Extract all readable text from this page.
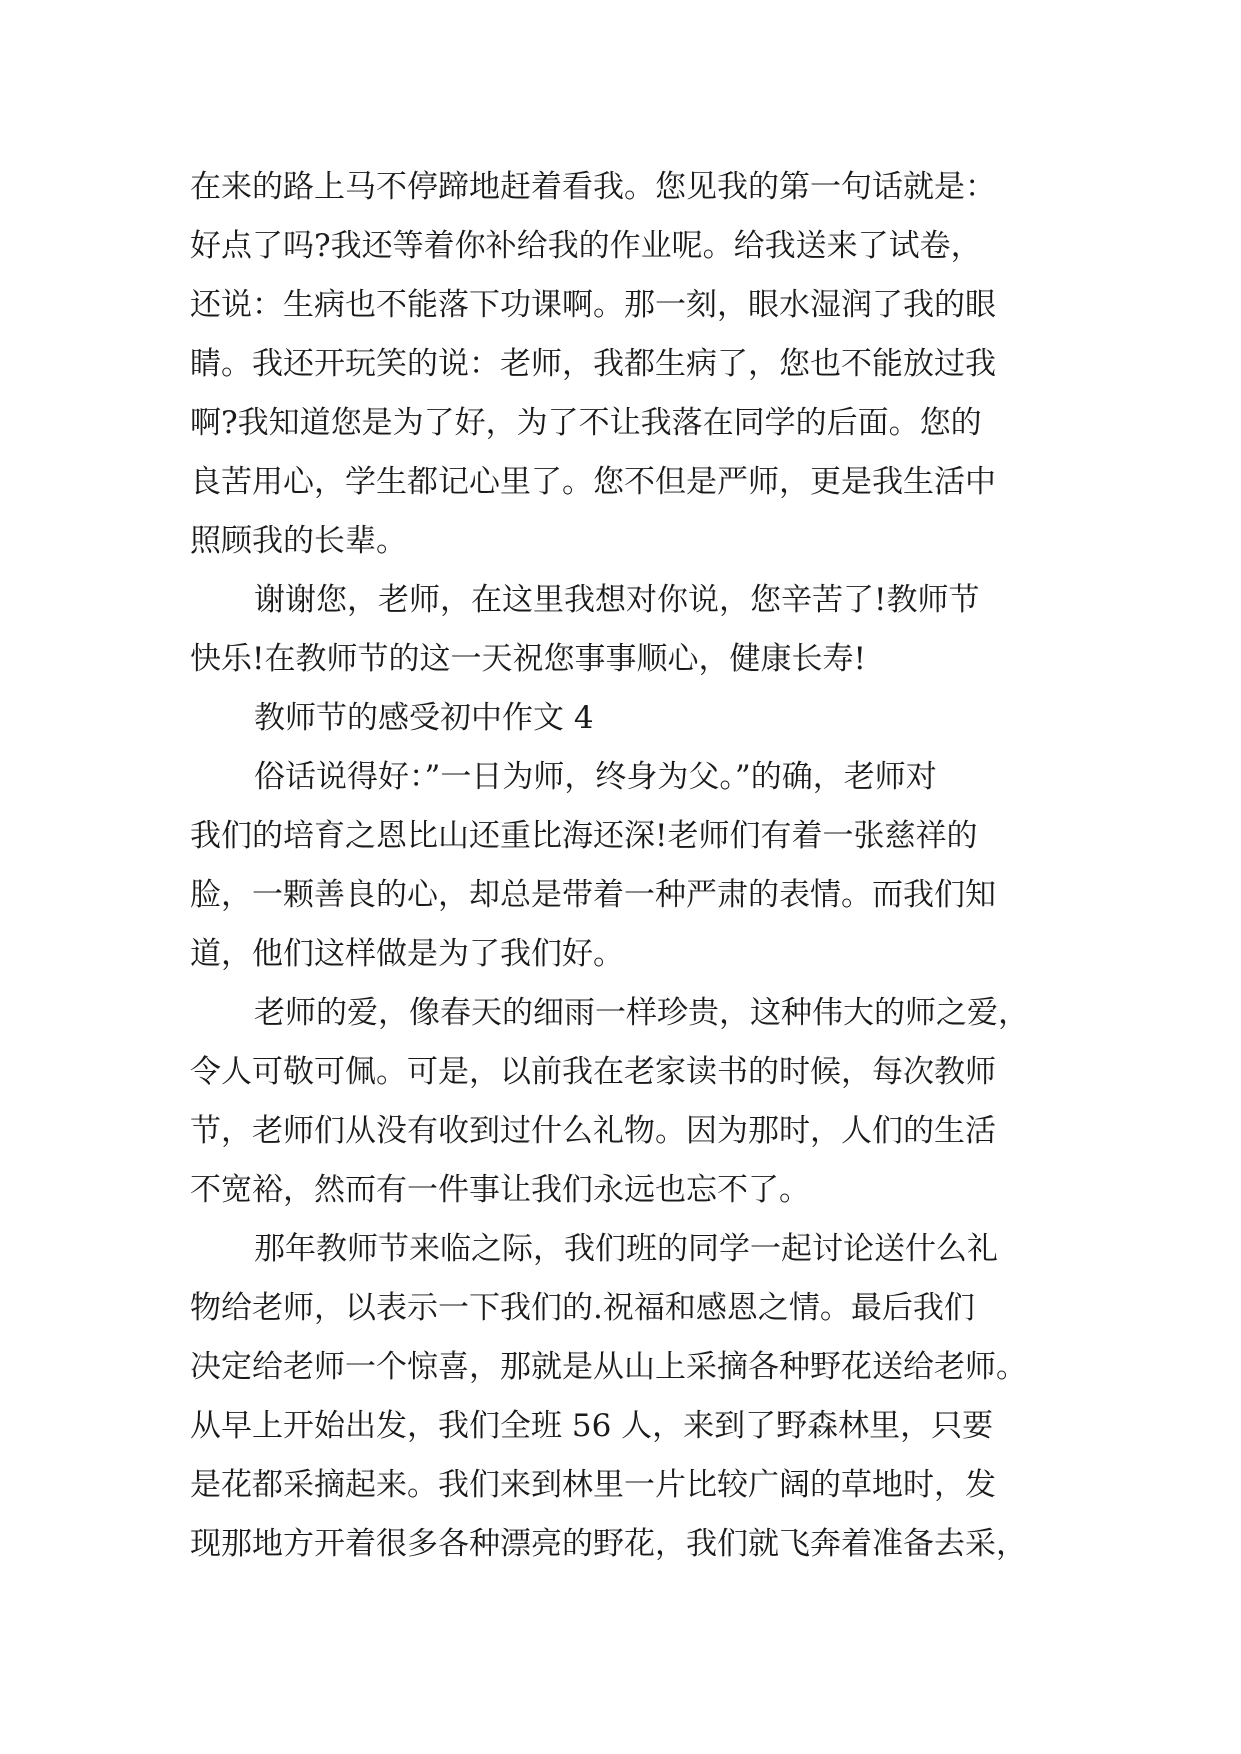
在来的路上马不停蹄地赶着看我。您见我的第一句话就是：
好点了吗?我还等着你补给我的作业呢。给我送来了试卷，
还说：生病也不能落下功课啊。那一刻，眼水湿润了我的眼
睛。我还开玩笑的说：老师，我都生病了，您也不能放过我
啊?我知道您是为了好，为了不让我落在同学的后面。您的
良苦用心，学生都记心里了。您不但是严师，更是我生活中
照顾我的长辈。
谢谢您，老师，在这里我想对你说，您辛苦了!教师节
快乐!在教师节的这一天祝您事事顺心，健康长寿!
教师节的感受初中作文 4
俗话说得好：”一日为师，终身为父。”的确，老师对
我们的培育之恩比山还重比海还深!老师们有着一张慈祥的
脸，一颗善良的心，却总是带着一种严肃的表情。而我们知
道，他们这样做是为了我们好。
老师的爱，像春天的细雨一样珍贵，这种伟大的师之爱，
令人可敬可佩。可是，以前我在老家读书的时候，每次教师
节，老师们从没有收到过什么礼物。因为那时，人们的生活
不宽裕，然而有一件事让我们永远也忘不了。
那年教师节来临之际，我们班的同学一起讨论送什么礼
物给老师，以表示一下我们的.祝福和感恩之情。最后我们
决定给老师一个惊喜，那就是从山上采摘各种野花送给老师。
从早上开始出发，我们全班 56 人，来到了野森林里，只要
是花都采摘起来。我们来到林里一片比较广阔的草地时，发
现那地方开着很多各种漂亮的野花，我们就飞奔着准备去采，
